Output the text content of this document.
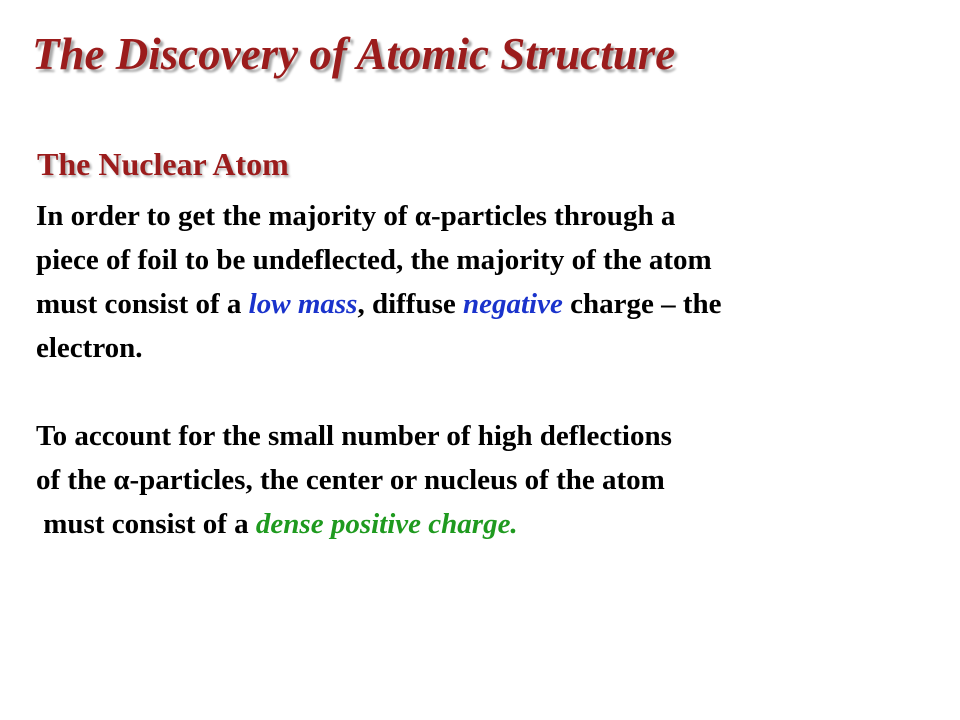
The Discovery of Atomic Structure
The Nuclear Atom

In order to get the majority of α-particles through a
piece of foil to be undeflected, the majority of the atom
must consist of a low mass, diffuse negative charge – the
electron.

To account for the small number of high deflections
of the α-particles, the center or nucleus of the atom
must consist of a dense positive charge.
